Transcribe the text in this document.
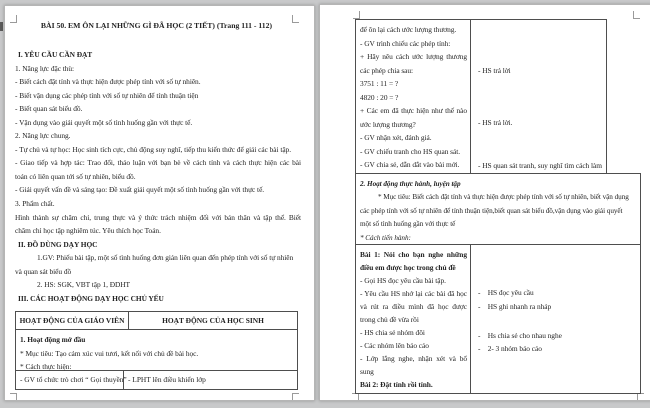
BÀI 50. EM ÔN LẠI NHỮNG GÌ ĐÃ HỌC (2 TIẾT) (Trang 111 - 112)
I. YÊU CẦU CẦN ĐẠT
1. Năng lực đặc thù:
- Biết cách đặt tính và thực hiện được phép tính với số tự nhiên.
- Biết vận dụng các phép tính với số tự nhiên để tính thuận tiện
- Biết quan sát biểu đồ.
- Vận dụng vào giải quyết một số tình huống gần với thực tế.
2. Năng lực chung.
- Tự chủ và tự học: Học sinh tích cực, chủ động suy nghĩ, tiếp thu kiến thức để giải các bài tập.
- Giao tiếp và hợp tác: Trao đổi, thảo luận với bạn bè về cách tính và cách thực hiện các bài
toán có liên quan tới số tự nhiên, biểu đồ.
- Giải quyết vấn đề và sáng tạo: Đề xuất giải quyết một số tình huống gần với thực tế.
3. Phẩm chất.
Hình thành sự chăm chỉ, trung thực và ý thức trách nhiệm đối với bản thân và tập thể. Biết
chăm chỉ học tập nghiêm túc. Yêu thích học Toán.
II. ĐỒ DÙNG DẠY HỌC
1.GV: Phiếu bài tập, một số tình huống đơn giản liên quan đến phép tính với số tự nhiên
và quan sát biểu đồ
2. HS: SGK, VBT tập 1, ĐDHT
III. CÁC HOẠT ĐỘNG DẠY HỌC CHỦ YẾU
HOẠT ĐỘNG CỦA GIÁO VIÊN	HOẠT ĐỘNG CỦA HỌC SINH
1. Hoạt động mở đầu
* Mục tiêu: Tạo cảm xúc vui tươi, kết nối với chủ đề bài học.
* Cách thực hiện:
- GV tổ chức trò chơi “ Gọi thuyền” - LPHT lên điều khiển lớp
để ôn lại cách ước lượng thương.
- GV trình chiếu các phép tính:
+ Hãy nêu cách ước lượng thương
các phép chia sau:
3751 : 11 = ?
4820 : 20 = ?
+ Các em đã thực hiện như thế nào
ước lượng thương?
- GV nhận xét, đánh giá.
- GV chiếu tranh cho HS quan sát.
- GV chia sẻ, dẫn dắt vào bài mới.
- HS trả lời
- HS trả lời.
- HS quan sát tranh, suy nghĩ tìm cách làm
2. Hoạt động thực hành, luyện tập
* Mục tiêu: Biết cách đặt tính và thực hiện được phép tính với số tự nhiên, biết vận dụng
các phép tính với số tự nhiên để tính thuận tiện,biết quan sát biểu đồ,vận dụng vào giải quyết
một số tình huống gần với thực tế
* Cách tiến hành:
Bài 1: Nói cho bạn nghe những
điều em được học trong chủ đề
- Gọi HS đọc yêu cầu bài tập.
- Yêu cầu HS nhớ lại các bài đã học
và rút ra điều mình đã học được
trong chủ đề vừa rồi
- HS chia sẻ nhóm đôi
- Các nhóm lên báo cáo
- Lớp lắng nghe, nhận xét và bổ
sung
Bài 2: Đặt tính rồi tính.
-  HS đọc yêu cầu
-  HS ghi nhanh ra nháp
-  Hs chia sẻ cho nhau nghe
-  2- 3 nhóm báo cáo
